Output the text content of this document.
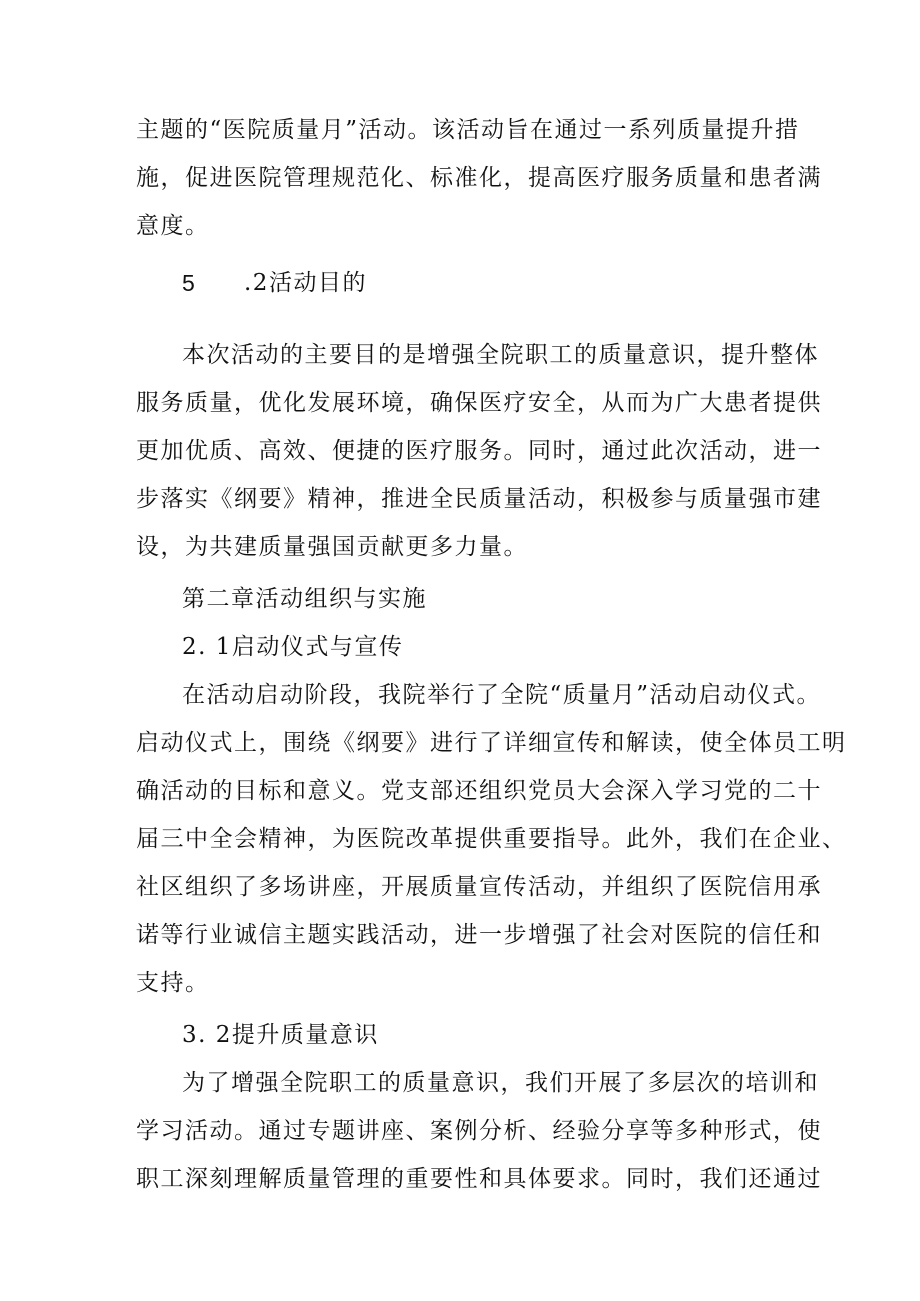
主题的“医院质量月”活动。该活动旨在通过一系列质量提升措

施，促进医院管理规范化、标准化，提高医疗服务质量和患者满

意度。

5 .2活动目的

本次活动的主要目的是增强全院职工的质量意识，提升整体

服务质量，优化发展环境，确保医疗安全，从而为广大患者提供

更加优质、高效、便捷的医疗服务。同时，通过此次活动，进一

步落实《纲要》精神，推进全民质量活动，积极参与质量强市建

设，为共建质量强国贡献更多力量。

第二章活动组织与实施

2. 1启动仪式与宣传

在活动启动阶段，我院举行了全院“质量月”活动启动仪式。

启动仪式上，围绕《纲要》进行了详细宣传和解读，使全体员工明

确活动的目标和意义。党支部还组织党员大会深入学习党的二十

届三中全会精神，为医院改革提供重要指导。此外，我们在企业、

社区组织了多场讲座，开展质量宣传活动，并组织了医院信用承

诺等行业诚信主题实践活动，进一步增强了社会对医院的信任和

支持。

3. 2提升质量意识

为了增强全院职工的质量意识，我们开展了多层次的培训和

学习活动。通过专题讲座、案例分析、经验分享等多种形式，使

职工深刻理解质量管理的重要性和具体要求。同时，我们还通过
